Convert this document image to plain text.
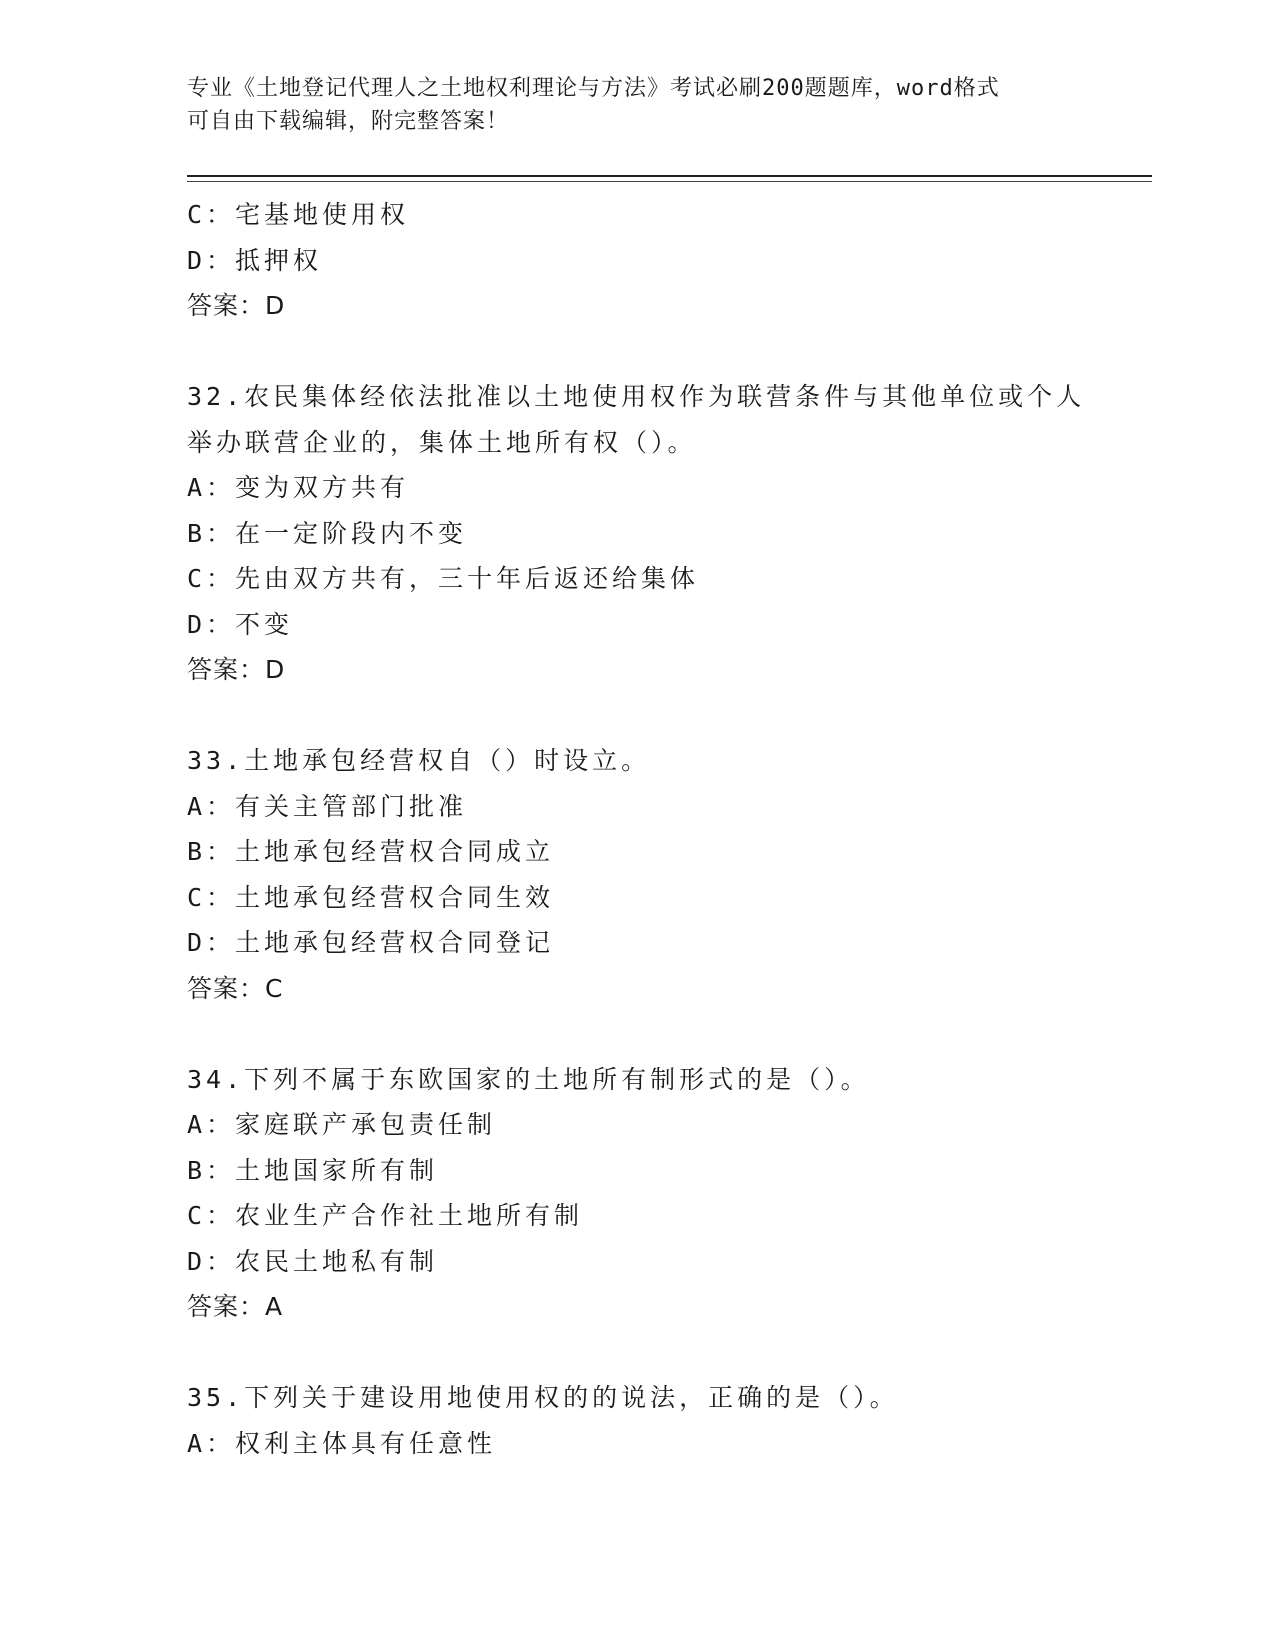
专业《土地登记代理人之土地权利理论与方法》考试必刷200题题库，word格式
可自由下载编辑，附完整答案！
C：宅基地使用权
D：抵押权
答案：D
32.农民集体经依法批准以土地使用权作为联营条件与其他单位或个人
举办联营企业的，集体土地所有权（）。
A：变为双方共有
B：在一定阶段内不变
C：先由双方共有，三十年后返还给集体
D：不变
答案：D
33.土地承包经营权自（）时设立。
A：有关主管部门批准
B：土地承包经营权合同成立
C：土地承包经营权合同生效
D：土地承包经营权合同登记
答案：C
34.下列不属于东欧国家的土地所有制形式的是（）。
A：家庭联产承包责任制
B：土地国家所有制
C：农业生产合作社土地所有制
D：农民土地私有制
答案：A
35.下列关于建设用地使用权的的说法，正确的是（）。
A：权利主体具有任意性
